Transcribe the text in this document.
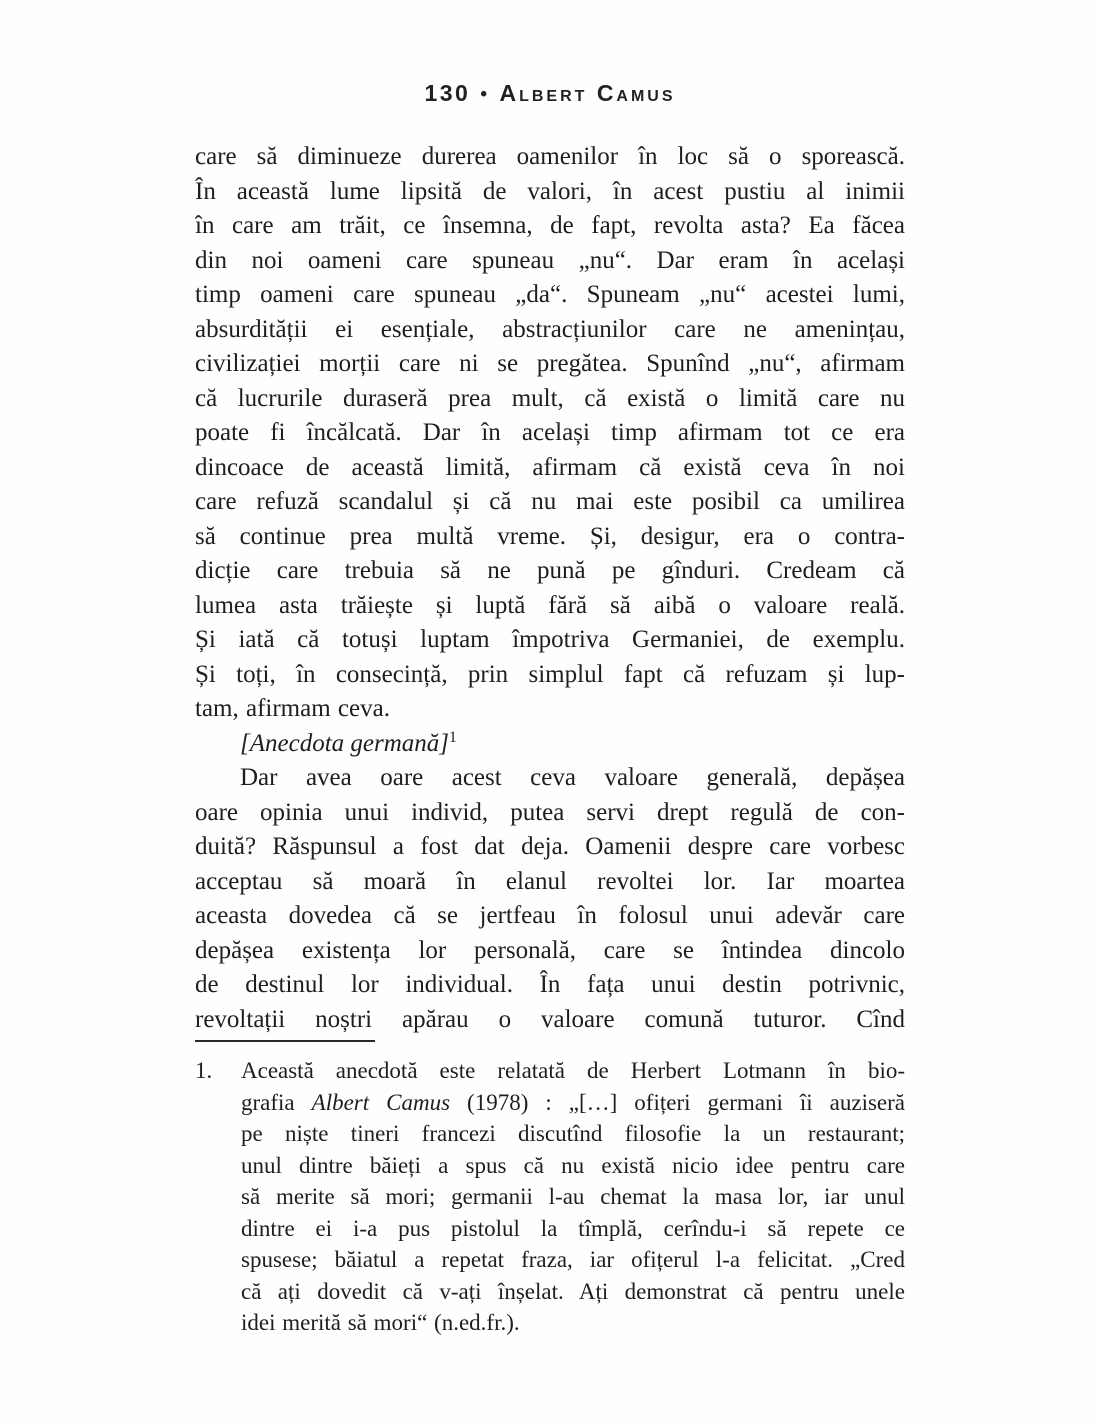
130 • Albert Camus
care să diminueze durerea oamenilor în loc să o sporească.
În această lume lipsită de valori, în acest pustiu al inimii
în care am trăit, ce însemna, de fapt, revolta asta? Ea făcea
din noi oameni care spuneau „nu“. Dar eram în același
timp oameni care spuneau „da“. Spuneam „nu“ acestei lumi,
absurdității ei esențiale, abstracțiunilor care ne amenințau,
civilizației morții care ni se pregătea. Spunînd „nu“, afirmam
că lucrurile duraseră prea mult, că există o limită care nu
poate fi încălcată. Dar în același timp afirmam tot ce era
dincoace de această limită, afirmam că există ceva în noi
care refuză scandalul și că nu mai este posibil ca umilirea
să continue prea multă vreme. Și, desigur, era o contra-
dicție care trebuia să ne pună pe gînduri. Credeam că
lumea asta trăiește și luptă fără să aibă o valoare reală.
Și iată că totuși luptam împotriva Germaniei, de exemplu.
Și toți, în consecință, prin simplul fapt că refuzam și lup-
tam, afirmam ceva.
[Anecdota germană]$^1$
Dar avea oare acest ceva valoare generală, depășea
oare opinia unui individ, putea servi drept regulă de con-
duită? Răspunsul a fost dat deja. Oamenii despre care vorbesc
acceptau să moară în elanul revoltei lor. Iar moartea
aceasta dovedea că se jertfeau în folosul unui adevăr care
depășea existența lor personală, care se întindea dincolo
de destinul lor individual. În fața unui destin potrivnic,
revoltații noștri apărau o valoare comună tuturor. Cînd
1. Această anecdotă este relatată de Herbert Lotmann în bio-
grafia Albert Camus (1978) : „[…] ofițeri germani îi auziseră
pe niște tineri francezi discutînd filosofie la un restaurant;
unul dintre băieți a spus că nu există nicio idee pentru care
să merite să mori; germanii l-au chemat la masa lor, iar unul
dintre ei i-a pus pistolul la tîmplă, cerîndu-i să repete ce
spusese; băiatul a repetat fraza, iar ofițerul l-a felicitat. „Cred
că ați dovedit că v-ați înșelat. Ați demonstrat că pentru unele
idei merită să mori“ (n.ed.fr.).
